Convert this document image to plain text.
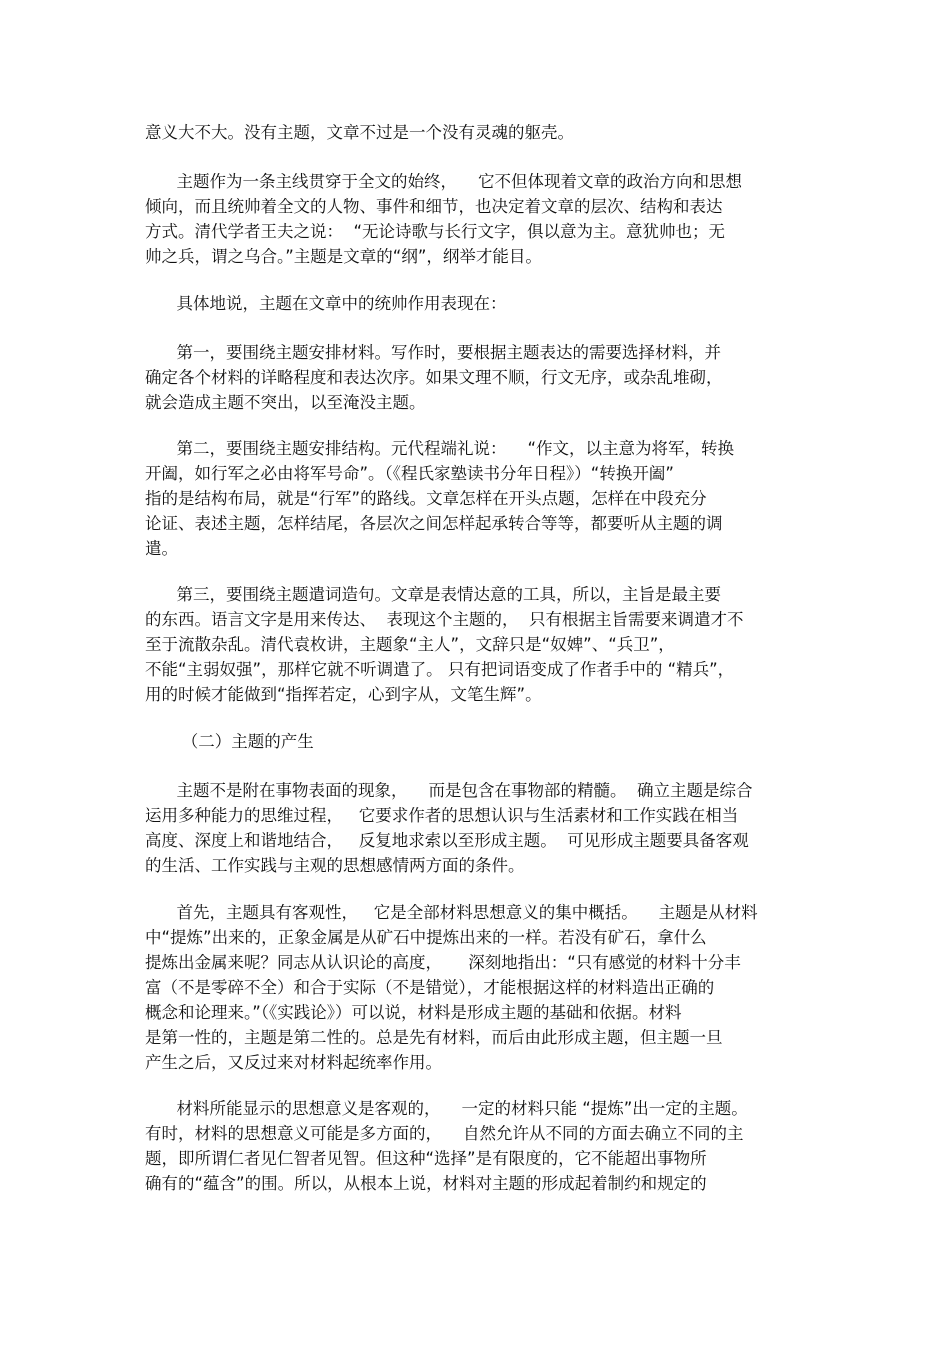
意义大不大。没有主题，文章不过是一个没有灵魂的躯壳。
主题作为一条主线贯穿于全文的始终，    它不但体现着文章的政治方向和思想
倾向，而且统帅着全文的人物、事件和细节，也决定着文章的层次、结构和表达
方式。清代学者王夫之说：  “无论诗歌与长行文字，俱以意为主。意犹帅也；无
帅之兵，谓之乌合。”主题是文章的“纲”，纲举才能目。
具体地说，主题在文章中的统帅作用表现在：
第一，要围绕主题安排材料。写作时，要根据主题表达的需要选择材料，并
确定各个材料的详略程度和表达次序。如果文理不顺，行文无序，或杂乱堆砌，
就会造成主题不突出，以至淹没主题。
第二，要围绕主题安排结构。元代程端礼说：    “作文，以主意为将军，转换
开阖，如行军之必由将军号命”。（《程氏家塾读书分年日程》）“转换开阖”
指的是结构布局，就是“行军”的路线。文章怎样在开头点题，怎样在中段充分
论证、表述主题，怎样结尾，各层次之间怎样起承转合等等，都要听从主题的调
遣。
第三，要围绕主题遣词造句。文章是表情达意的工具，所以，主旨是最主要
的东西。语言文字是用来传达、  表现这个主题的，  只有根据主旨需要来调遣才不
至于流散杂乱。清代袁枚讲，主题象“主人”，文辞只是“奴婢”、“兵卫”，
不能“主弱奴强”，那样它就不听调遣了。 只有把词语变成了作者手中的 “精兵”，
用的时候才能做到“指挥若定，心到字从，文笔生辉”。
（二）主题的产生
主题不是附在事物表面的现象，    而是包含在事物部的精髓。  确立主题是综合
运用多种能力的思维过程，   它要求作者的思想认识与生活素材和工作实践在相当
高度、深度上和谐地结合，   反复地求索以至形成主题。  可见形成主题要具备客观
的生活、工作实践与主观的思想感情两方面的条件。
首先，主题具有客观性，   它是全部材料思想意义的集中概括。    主题是从材料
中“提炼”出来的，正象金属是从矿石中提炼出来的一样。若没有矿石，拿什么
提炼出金属来呢？同志从认识论的高度，     深刻地指出：“只有感觉的材料十分丰
富（不是零碎不全）和合于实际（不是错觉），才能根据这样的材料造出正确的
概念和论理来。”（《实践论》）可以说，材料是形成主题的基础和依据。材料
是第一性的，主题是第二性的。总是先有材料，而后由此形成主题，但主题一旦
产生之后，又反过来对材料起统率作用。
材料所能显示的思想意义是客观的，    一定的材料只能 “提炼”出一定的主题。
有时，材料的思想意义可能是多方面的，    自然允许从不同的方面去确立不同的主
题，即所谓仁者见仁智者见智。但这种“选择”是有限度的，它不能超出事物所
确有的“蕴含”的围。所以，从根本上说，材料对主题的形成起着制约和规定的
